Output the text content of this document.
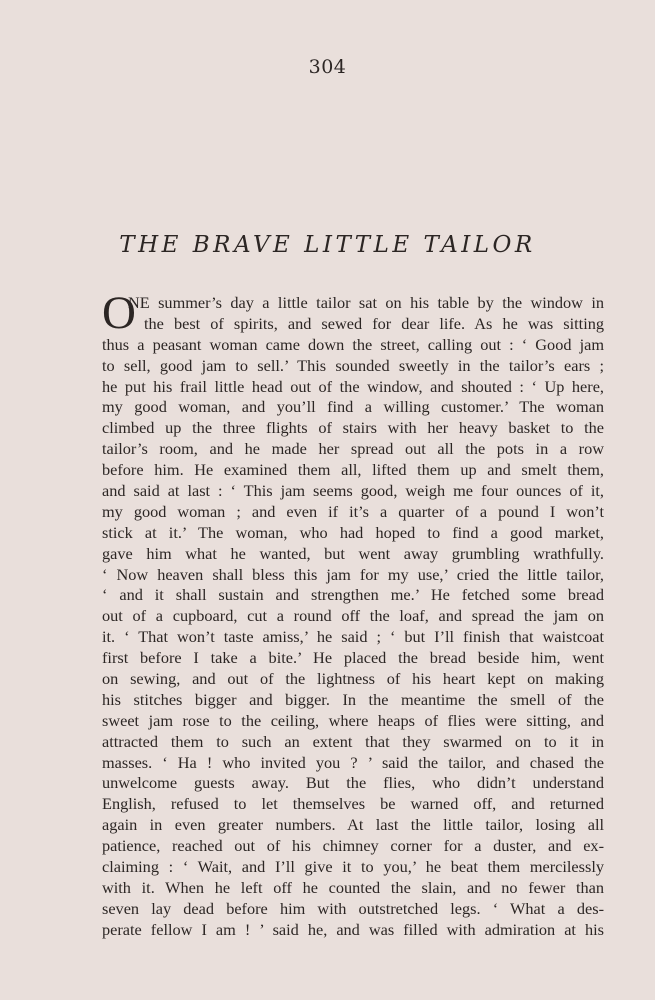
304
THE BRAVE LITTLE TAILOR
O
NE summer’s day a little tailor sat on his table by the window in
the best of spirits, and sewed for dear life. As he was sitting
thus a peasant woman came down the street, calling out : ‘ Good jam
to sell, good jam to sell.’ This sounded sweetly in the tailor’s ears ;
he put his frail little head out of the window, and shouted : ‘ Up here,
my good woman, and you’ll find a willing customer.’ The woman
climbed up the three flights of stairs with her heavy basket to the
tailor’s room, and he made her spread out all the pots in a row
before him. He examined them all, lifted them up and smelt them,
and said at last : ‘ This jam seems good, weigh me four ounces of it,
my good woman ; and even if it’s a quarter of a pound I won’t
stick at it.’ The woman, who had hoped to find a good market,
gave him what he wanted, but went away grumbling wrathfully.
‘ Now heaven shall bless this jam for my use,’ cried the little tailor,
‘ and it shall sustain and strengthen me.’ He fetched some bread
out of a cupboard, cut a round off the loaf, and spread the jam on
it. ‘ That won’t taste amiss,’ he said ; ‘ but I’ll finish that waistcoat
first before I take a bite.’ He placed the bread beside him, went
on sewing, and out of the lightness of his heart kept on making
his stitches bigger and bigger. In the meantime the smell of the
sweet jam rose to the ceiling, where heaps of flies were sitting, and
attracted them to such an extent that they swarmed on to it in
masses. ‘ Ha ! who invited you ? ’ said the tailor, and chased the
unwelcome guests away. But the flies, who didn’t understand
English, refused to let themselves be warned off, and returned
again in even greater numbers. At last the little tailor, losing all
patience, reached out of his chimney corner for a duster, and ex-
claiming : ‘ Wait, and I’ll give it to you,’ he beat them mercilessly
with it. When he left off he counted the slain, and no fewer than
seven lay dead before him with outstretched legs. ‘ What a des-
perate fellow I am ! ’ said he, and was filled with admiration at his
